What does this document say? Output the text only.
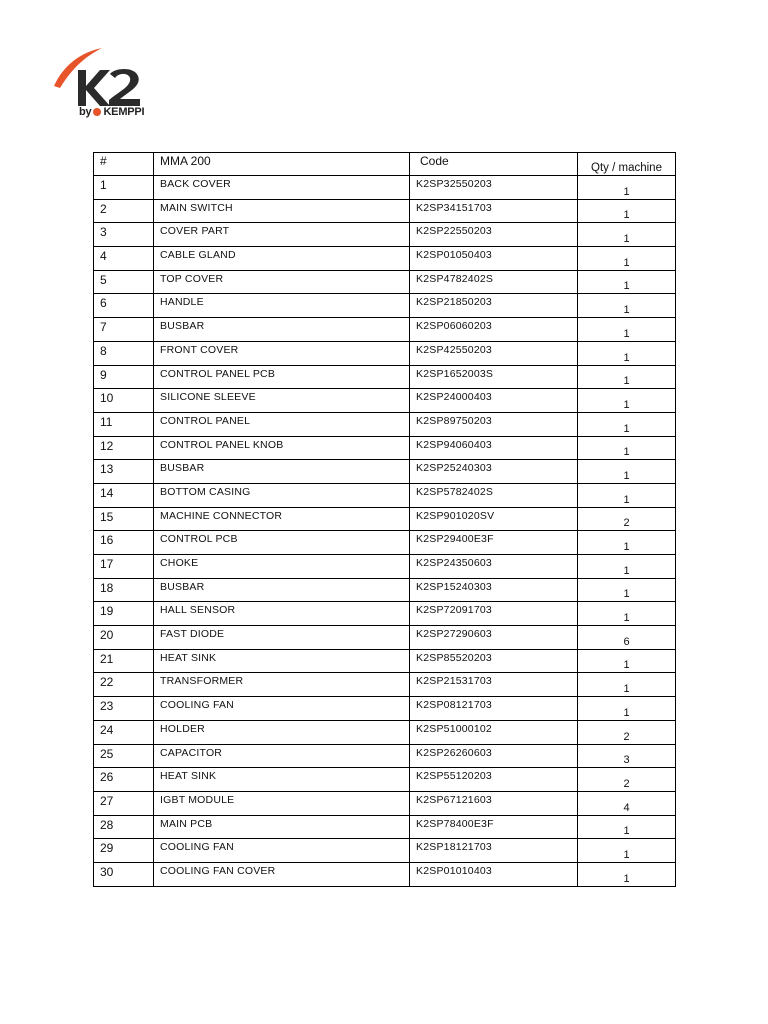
by KEMPPI
#	MMA 200	Code	Qty / machine
1	BACK COVER	K2SP32550203	1
2	MAIN SWITCH	K2SP34151703	1
3	COVER PART	K2SP22550203	1
4	CABLE GLAND	K2SP01050403	1
5	TOP COVER	K2SP4782402S	1
6	HANDLE	K2SP21850203	1
7	BUSBAR	K2SP06060203	1
8	FRONT COVER	K2SP42550203	1
9	CONTROL PANEL PCB	K2SP1652003S	1
10	SILICONE SLEEVE	K2SP24000403	1
11	CONTROL PANEL	K2SP89750203	1
12	CONTROL PANEL KNOB	K2SP94060403	1
13	BUSBAR	K2SP25240303	1
14	BOTTOM CASING	K2SP5782402S	1
15	MACHINE CONNECTOR	K2SP901020SV	2
16	CONTROL PCB	K2SP29400E3F	1
17	CHOKE	K2SP24350603	1
18	BUSBAR	K2SP15240303	1
19	HALL SENSOR	K2SP72091703	1
20	FAST DIODE	K2SP27290603	6
21	HEAT SINK	K2SP85520203	1
22	TRANSFORMER	K2SP21531703	1
23	COOLING FAN	K2SP08121703	1
24	HOLDER	K2SP51000102	2
25	CAPACITOR	K2SP26260603	3
26	HEAT SINK	K2SP55120203	2
27	IGBT MODULE	K2SP67121603	4
28	MAIN PCB	K2SP78400E3F	1
29	COOLING FAN	K2SP18121703	1
30	COOLING FAN COVER	K2SP01010403	1
